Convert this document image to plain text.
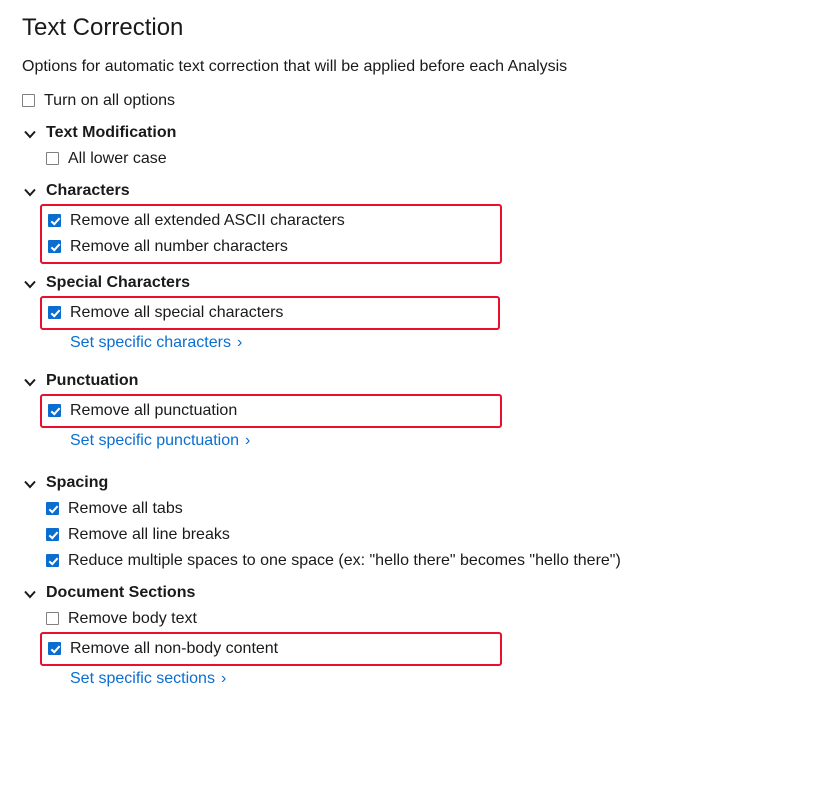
Text Correction

Options for automatic text correction that will be applied before each Analysis

Turn on all options
Text Modification
All lower case
Characters
Remove all extended ASCII characters
Remove all number characters
Special Characters
Remove all special characters
Set specific characters ›
Punctuation
Remove all punctuation
Set specific punctuation ›
Spacing
Remove all tabs
Remove all line breaks
Reduce multiple spaces to one space (ex: "hello there" becomes "hello there")
Document Sections
Remove body text
Remove all non-body content
Set specific sections ›
